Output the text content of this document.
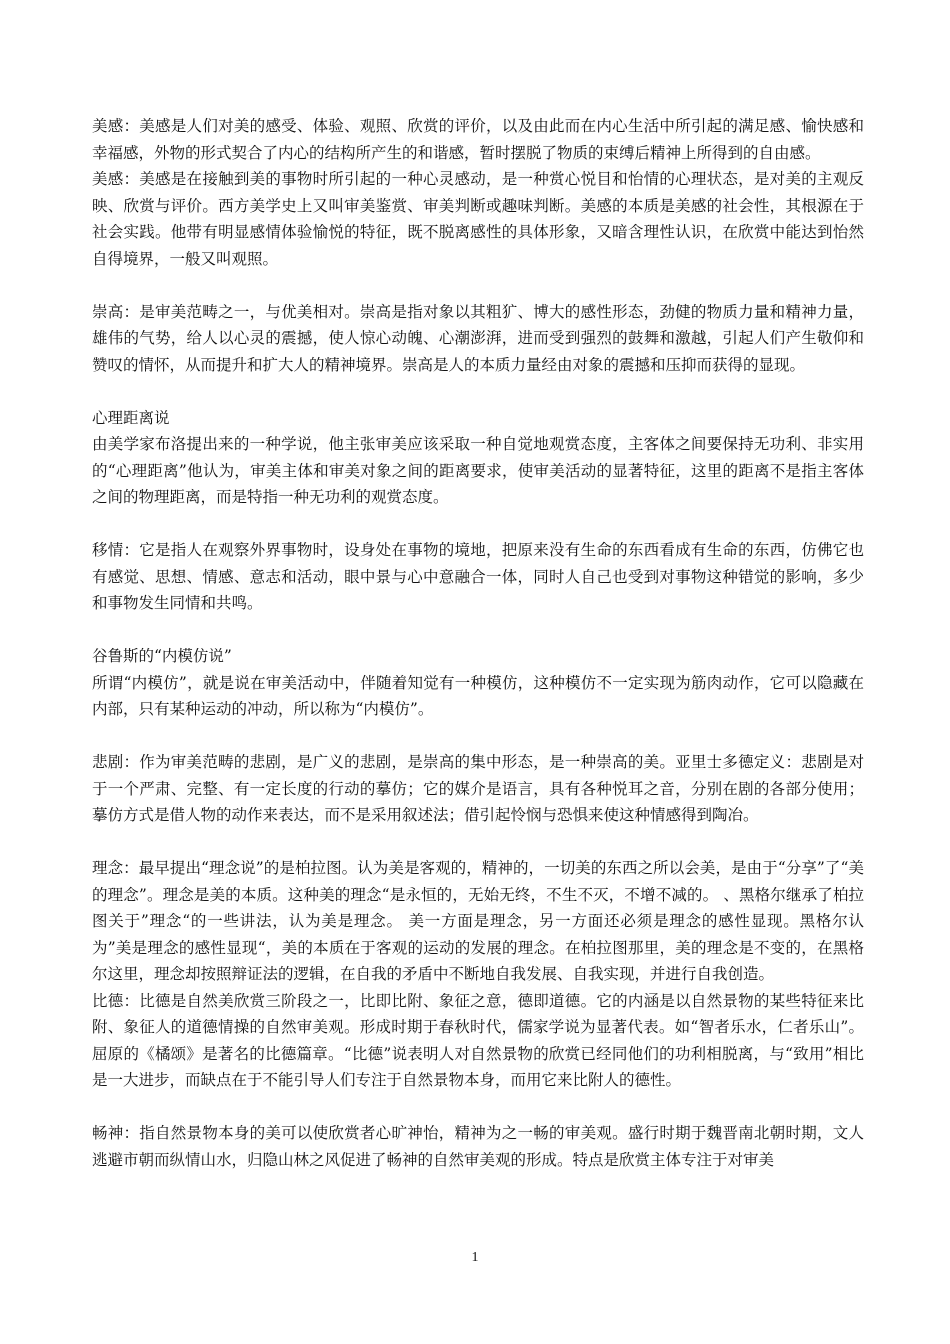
美感：美感是人们对美的感受、体验、观照、欣赏的评价，以及由此而在内心生活中所引起的满足感、愉快感和幸福感，外物的形式契合了内心的结构所产生的和谐感，暂时摆脱了物质的束缚后精神上所得到的自由感。

美感：美感是在接触到美的事物时所引起的一种心灵感动，是一种赏心悦目和怡情的心理状态，是对美的主观反映、欣赏与评价。西方美学史上又叫审美鉴赏、审美判断或趣味判断。美感的本质是美感的社会性，其根源在于社会实践。他带有明显感情体验愉悦的特征，既不脱离感性的具体形象，又暗含理性认识，在欣赏中能达到怡然自得境界，一般又叫观照。

崇高：是审美范畴之一，与优美相对。崇高是指对象以其粗犷、博大的感性形态，劲健的物质力量和精神力量，雄伟的气势，给人以心灵的震撼，使人惊心动魄、心潮澎湃，进而受到强烈的鼓舞和激越，引起人们产生敬仰和赞叹的情怀，从而提升和扩大人的精神境界。崇高是人的本质力量经由对象的震撼和压抑而获得的显现。

心理距离说

由美学家布洛提出来的一种学说，他主张审美应该采取一种自觉地观赏态度，主客体之间要保持无功利、非实用的“心理距离”他认为，审美主体和审美对象之间的距离要求，使审美活动的显著特征，这里的距离不是指主客体之间的物理距离，而是特指一种无功利的观赏态度。

移情：它是指人在观察外界事物时，设身处在事物的境地，把原来没有生命的东西看成有生命的东西，仿佛它也有感觉、思想、情感、意志和活动，眼中景与心中意融合一体，同时人自己也受到对事物这种错觉的影响，多少和事物发生同情和共鸣。

谷鲁斯的“内模仿说”

所谓“内模仿”，就是说在审美活动中，伴随着知觉有一种模仿，这种模仿不一定实现为筋肉动作，它可以隐藏在内部，只有某种运动的冲动，所以称为“内模仿”。

悲剧：作为审美范畴的悲剧，是广义的悲剧，是崇高的集中形态，是一种崇高的美。亚里士多德定义：悲剧是对于一个严肃、完整、有一定长度的行动的摹仿；它的媒介是语言，具有各种悦耳之音，分别在剧的各部分使用；摹仿方式是借人物的动作来表达，而不是采用叙述法；借引起怜悯与恐惧来使这种情感得到陶冶。

理念：最早提出“理念说”的是柏拉图。认为美是客观的，精神的，一切美的东西之所以会美，是由于“分享”了“美的理念”。理念是美的本质。这种美的理念“是永恒的，无始无终，不生不灭，不增不减的。 、黑格尔继承了柏拉图关于”理念“的一些讲法，认为美是理念。 美一方面是理念，另一方面还必须是理念的感性显现。黑格尔认为”美是理念的感性显现“，美的本质在于客观的运动的发展的理念。在柏拉图那里，美的理念是不变的，在黑格尔这里，理念却按照辩证法的逻辑，在自我的矛盾中不断地自我发展、自我实现，并进行自我创造。

比德：比德是自然美欣赏三阶段之一，比即比附、象征之意，德即道德。它的内涵是以自然景物的某些特征来比附、象征人的道德情操的自然审美观。形成时期于春秋时代，儒家学说为显著代表。如“智者乐水，仁者乐山”。屈原的《橘颂》是著名的比德篇章。“比德”说表明人对自然景物的欣赏已经同他们的功利相脱离，与“致用”相比是一大进步，而缺点在于不能引导人们专注于自然景物本身，而用它来比附人的德性。

畅神：指自然景物本身的美可以使欣赏者心旷神怡，精神为之一畅的审美观。盛行时期于魏晋南北朝时期，文人逃避市朝而纵情山水，归隐山林之风促进了畅神的自然审美观的形成。特点是欣赏主体专注于对审美

1
